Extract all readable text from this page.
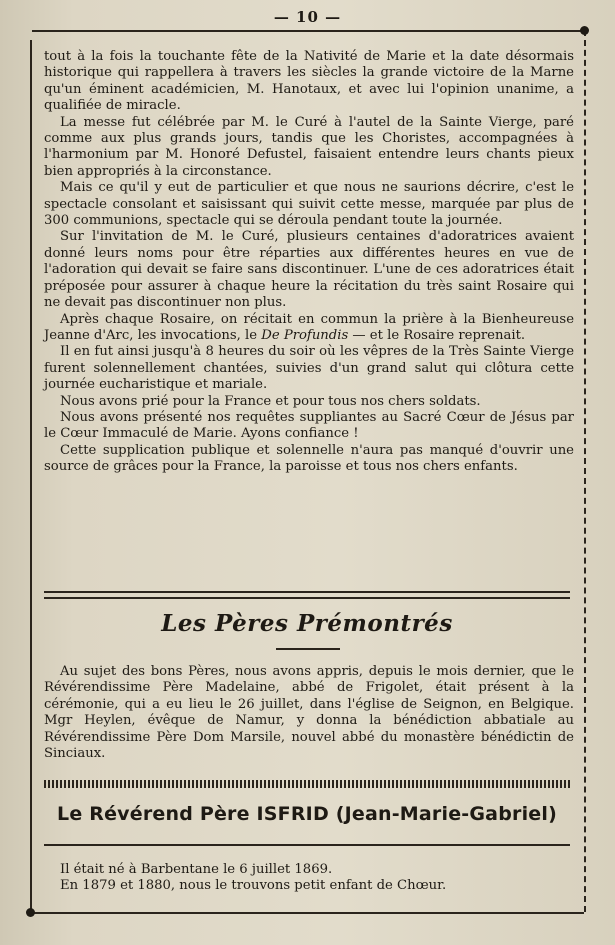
— 10 —

tout à la fois la touchante fête de la Nativité de Marie et la date désormais historique qui rappellera à travers les siècles la grande victoire de la Marne qu'un éminent académicien, M. Hanotaux, et avec lui l'opinion unanime, a qualifiée de miracle.

La messe fut célébrée par M. le Curé à l'autel de la Sainte Vierge, paré comme aux plus grands jours, tandis que les Choristes, accompagnées à l'harmonium par M. Honoré Defustel, faisaient entendre leurs chants pieux bien appropriés à la circonstance.

Mais ce qu'il y eut de particulier et que nous ne saurions décrire, c'est le spectacle consolant et saisissant qui suivit cette messe, marquée par plus de 300 communions, spectacle qui se déroula pendant toute la journée.

Sur l'invitation de M. le Curé, plusieurs centaines d'adoratrices avaient donné leurs noms pour être réparties aux différentes heures en vue de l'adoration qui devait se faire sans discontinuer. L'une de ces adoratrices était préposée pour assurer à chaque heure la récitation du très saint Rosaire qui ne devait pas discontinuer non plus.

Après chaque Rosaire, on récitait en commun la prière à la Bienheureuse Jeanne d'Arc, les invocations, le De Profundis — et le Rosaire reprenait.

Il en fut ainsi jusqu'à 8 heures du soir où les vêpres de la Très Sainte Vierge furent solennellement chantées, suivies d'un grand salut qui clôtura cette journée eucharistique et mariale.

Nous avons prié pour la France et pour tous nos chers soldats.

Nous avons présenté nos requêtes suppliantes au Sacré Cœur de Jésus par le Cœur Immaculé de Marie. Ayons confiance !

Cette supplication publique et solennelle n'aura pas manqué d'ouvrir une source de grâces pour la France, la paroisse et tous nos chers enfants.

Les Pères Prémontrés

Au sujet des bons Pères, nous avons appris, depuis le mois dernier, que le Révérendissime Père Madelaine, abbé de Frigolet, était présent à la cérémonie, qui a eu lieu le 26 juillet, dans l'église de Seignon, en Belgique. Mgr Heylen, évêque de Namur, y donna la bénédiction abbatiale au Révérendissime Père Dom Marsile, nouvel abbé du monastère bénédictin de Sinciaux.

Le Révérend Père ISFRID (Jean-Marie-Gabriel)

Il était né à Barbentane le 6 juillet 1869.

En 1879 et 1880, nous le trouvons petit enfant de Chœur.
